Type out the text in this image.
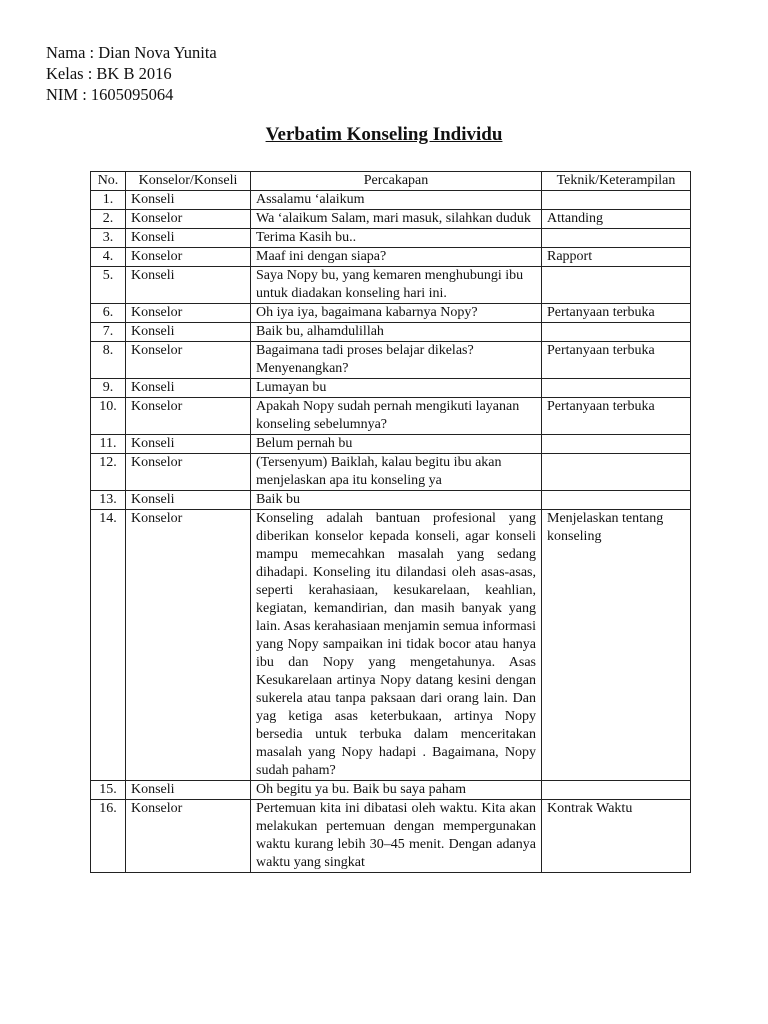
Nama : Dian Nova Yunita
Kelas : BK B 2016
NIM : 1605095064
Verbatim Konseling Individu
No.	Konselor/Konseli	Percakapan	Teknik/Keterampilan
1.	Konseli	Assalamu ‘alaikum	
2.	Konselor	Wa ‘alaikum Salam, mari masuk, silahkan duduk	Attanding
3.	Konseli	Terima Kasih bu..	
4.	Konselor	Maaf ini dengan siapa?	Rapport
5.	Konseli	Saya Nopy bu, yang kemaren menghubungi ibu untuk diadakan konseling hari ini.	
6.	Konselor	Oh iya iya, bagaimana kabarnya Nopy?	Pertanyaan terbuka
7.	Konseli	Baik bu, alhamdulillah	
8.	Konselor	Bagaimana tadi proses belajar dikelas? Menyenangkan?	Pertanyaan terbuka
9.	Konseli	Lumayan bu	
10.	Konselor	Apakah Nopy sudah pernah mengikuti layanan konseling sebelumnya?	Pertanyaan terbuka
11.	Konseli	Belum pernah bu	
12.	Konselor	(Tersenyum) Baiklah, kalau begitu ibu akan menjelaskan apa itu konseling ya	
13.	Konseli	Baik bu	
14.	Konselor	Konseling adalah bantuan profesional yang diberikan konselor kepada konseli, agar konseli mampu memecahkan masalah yang sedang dihadapi. Konseling itu dilandasi oleh asas-asas, seperti kerahasiaan, kesukarelaan, keahlian, kegiatan, kemandirian, dan masih banyak yang lain. Asas kerahasiaan menjamin semua informasi yang Nopy sampaikan ini tidak bocor atau hanya ibu dan Nopy yang mengetahunya. Asas Kesukarelaan artinya Nopy datang kesini dengan sukerela atau tanpa paksaan dari orang lain. Dan yag ketiga asas keterbukaan, artinya Nopy bersedia untuk terbuka dalam menceritakan masalah yang Nopy hadapi . Bagaimana, Nopy sudah paham?	Menjelaskan tentang konseling
15.	Konseli	Oh begitu ya bu. Baik bu saya paham	
16.	Konselor	Pertemuan kita ini dibatasi oleh waktu. Kita akan melakukan pertemuan dengan mempergunakan waktu kurang lebih 30–45 menit. Dengan adanya waktu yang singkat	Kontrak Waktu
